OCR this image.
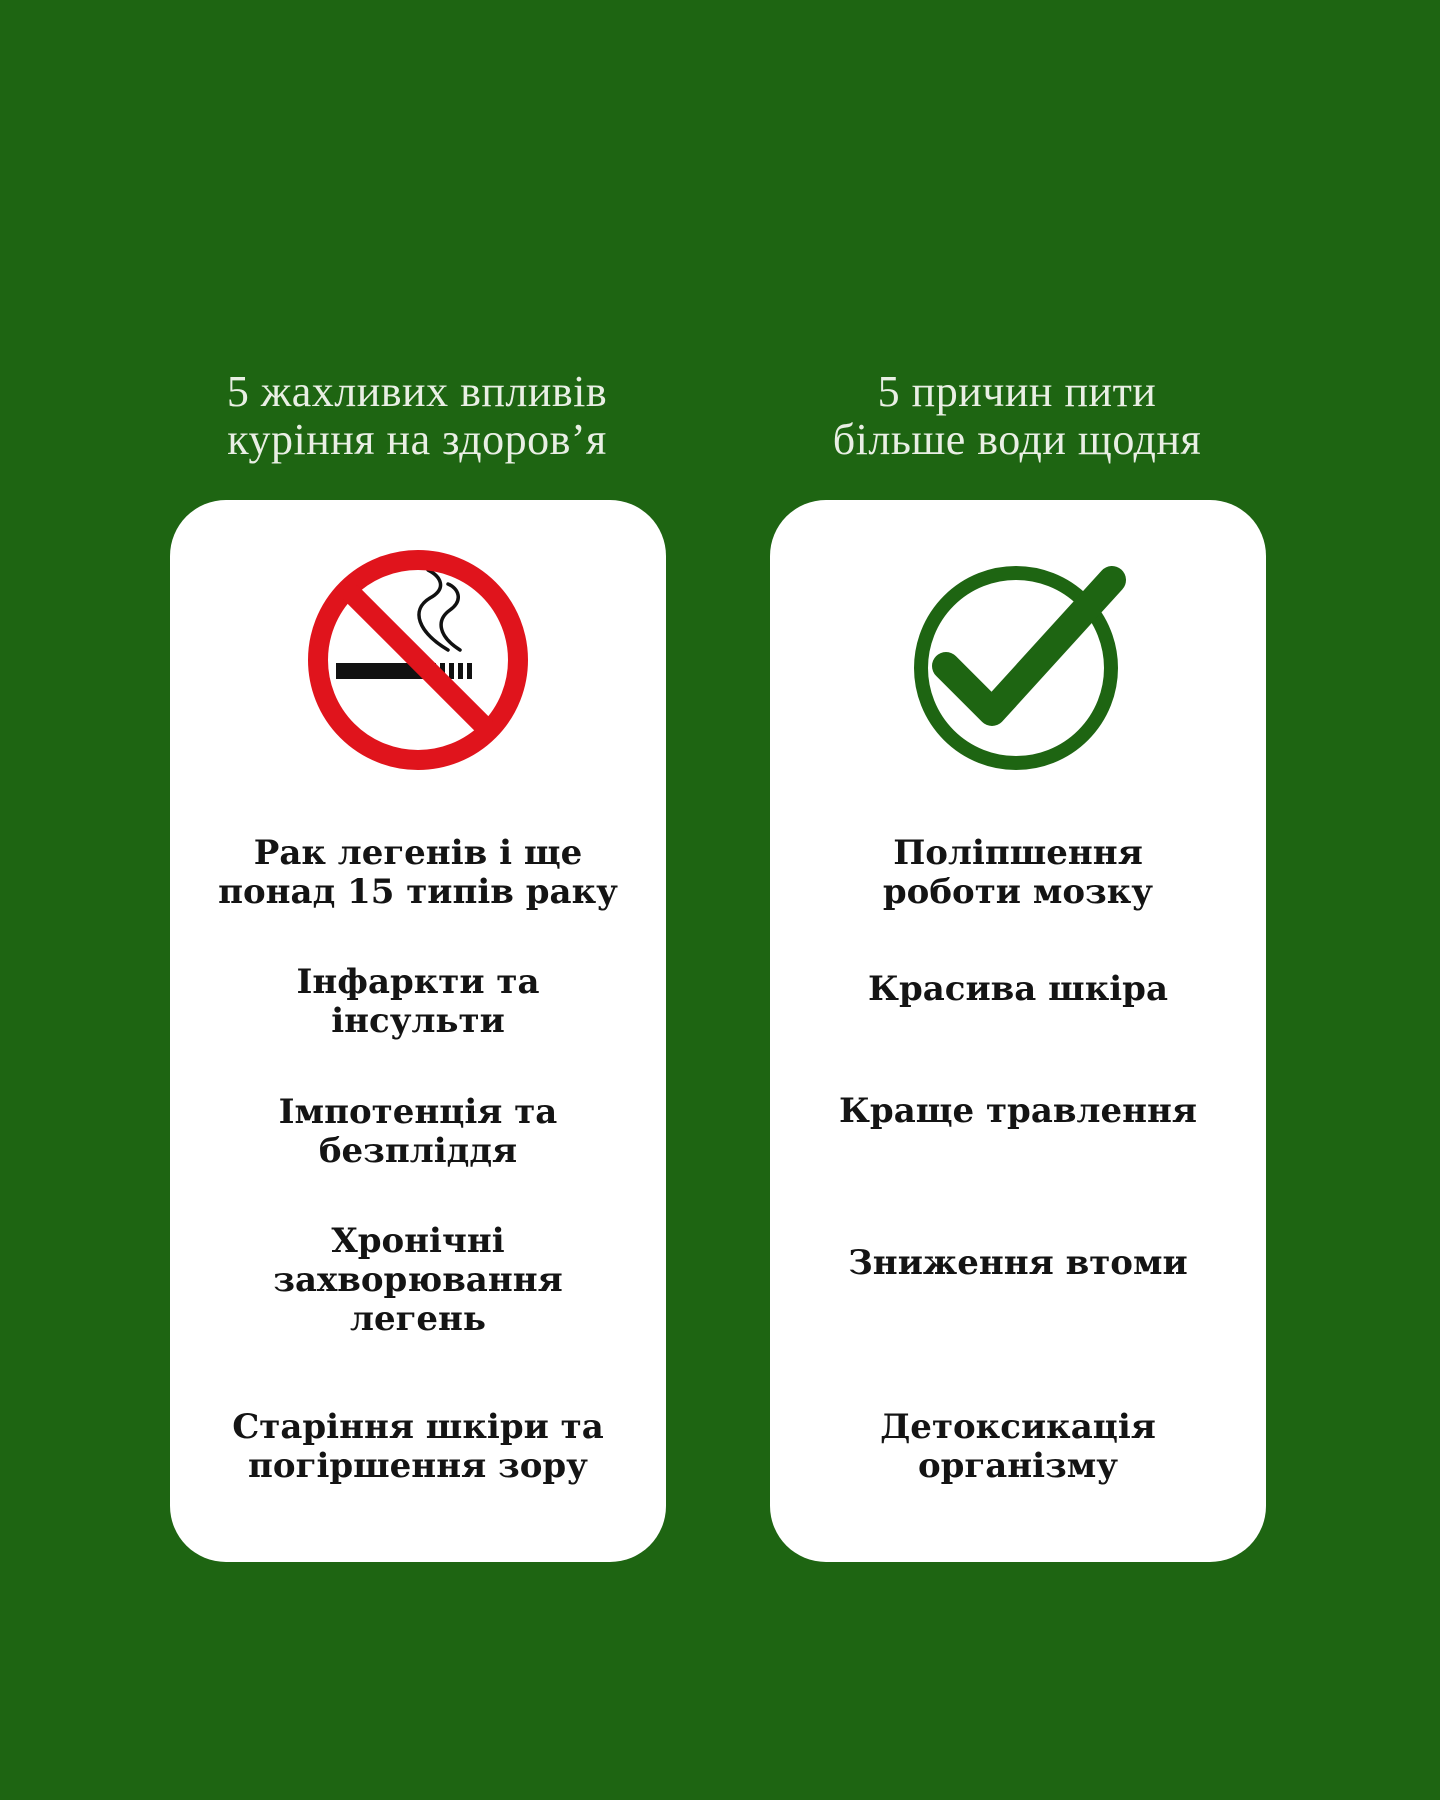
5 жахливих впливів
куріння на здоров’я
5 причин пити
більше води щодня
Рак легенів і ще
понад 15 типів раку
Інфаркти та
інсульти
Імпотенція та
безпліддя
Хронічні
захворювання
легень
Старіння шкіри та
погіршення зору
Поліпшення
роботи мозку
Красива шкіра
Краще травлення
Зниження втоми
Детоксикація
організму
